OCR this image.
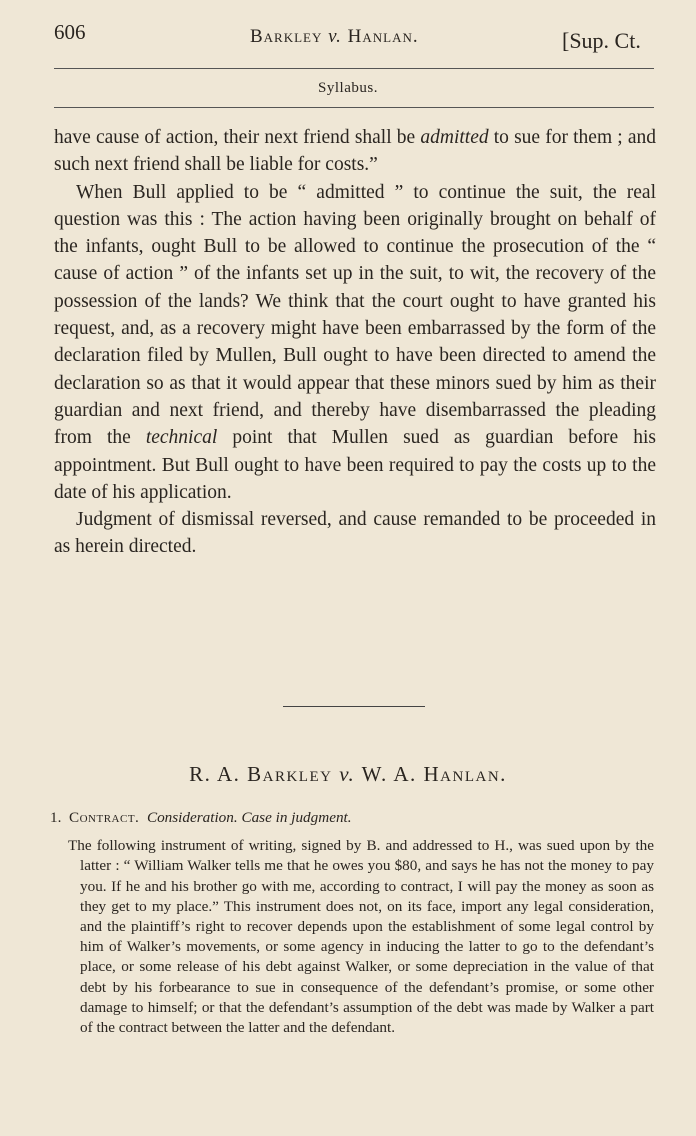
606	Barkley v. Hanlan.	[Sup. Ct.
Syllabus.

have cause of action, their next friend shall be admitted to sue for them ; and such next friend shall be liable for costs.”

When Bull applied to be “ admitted ” to continue the suit, the real question was this : The action having been originally brought on behalf of the infants, ought Bull to be allowed to continue the prosecution of the “ cause of action ” of the infants set up in the suit, to wit, the recovery of the possession of the lands? We think that the court ought to have granted his request, and, as a recovery might have been embarrassed by the form of the declaration filed by Mullen, Bull ought to have been directed to amend the declaration so as that it would appear that these minors sued by him as their guardian and next friend, and thereby have disembarrassed the pleading from the technical point that Mullen sued as guardian before his appointment. But Bull ought to have been required to pay the costs up to the date of his application.

Judgment of dismissal reversed, and cause remanded to be proceeded in as herein directed.

R. A. Barkley v. W. A. Hanlan.

1. Contract. Consideration. Case in judgment.

The following instrument of writing, signed by B. and addressed to H., was sued upon by the latter : “ William Walker tells me that he owes you $80, and says he has not the money to pay you. If he and his brother go with me, according to contract, I will pay the money as soon as they get to my place.” This instrument does not, on its face, import any legal consideration, and the plaintiff’s right to recover depends upon the establishment of some legal control by him of Walker’s movements, or some agency in inducing the latter to go to the defendant’s place, or some release of his debt against Walker, or some depreciation in the value of that debt by his forbearance to sue in consequence of the defendant’s promise, or some other damage to himself; or that the defendant’s assumption of the debt was made by Walker a part of the contract between the latter and the defendant.
